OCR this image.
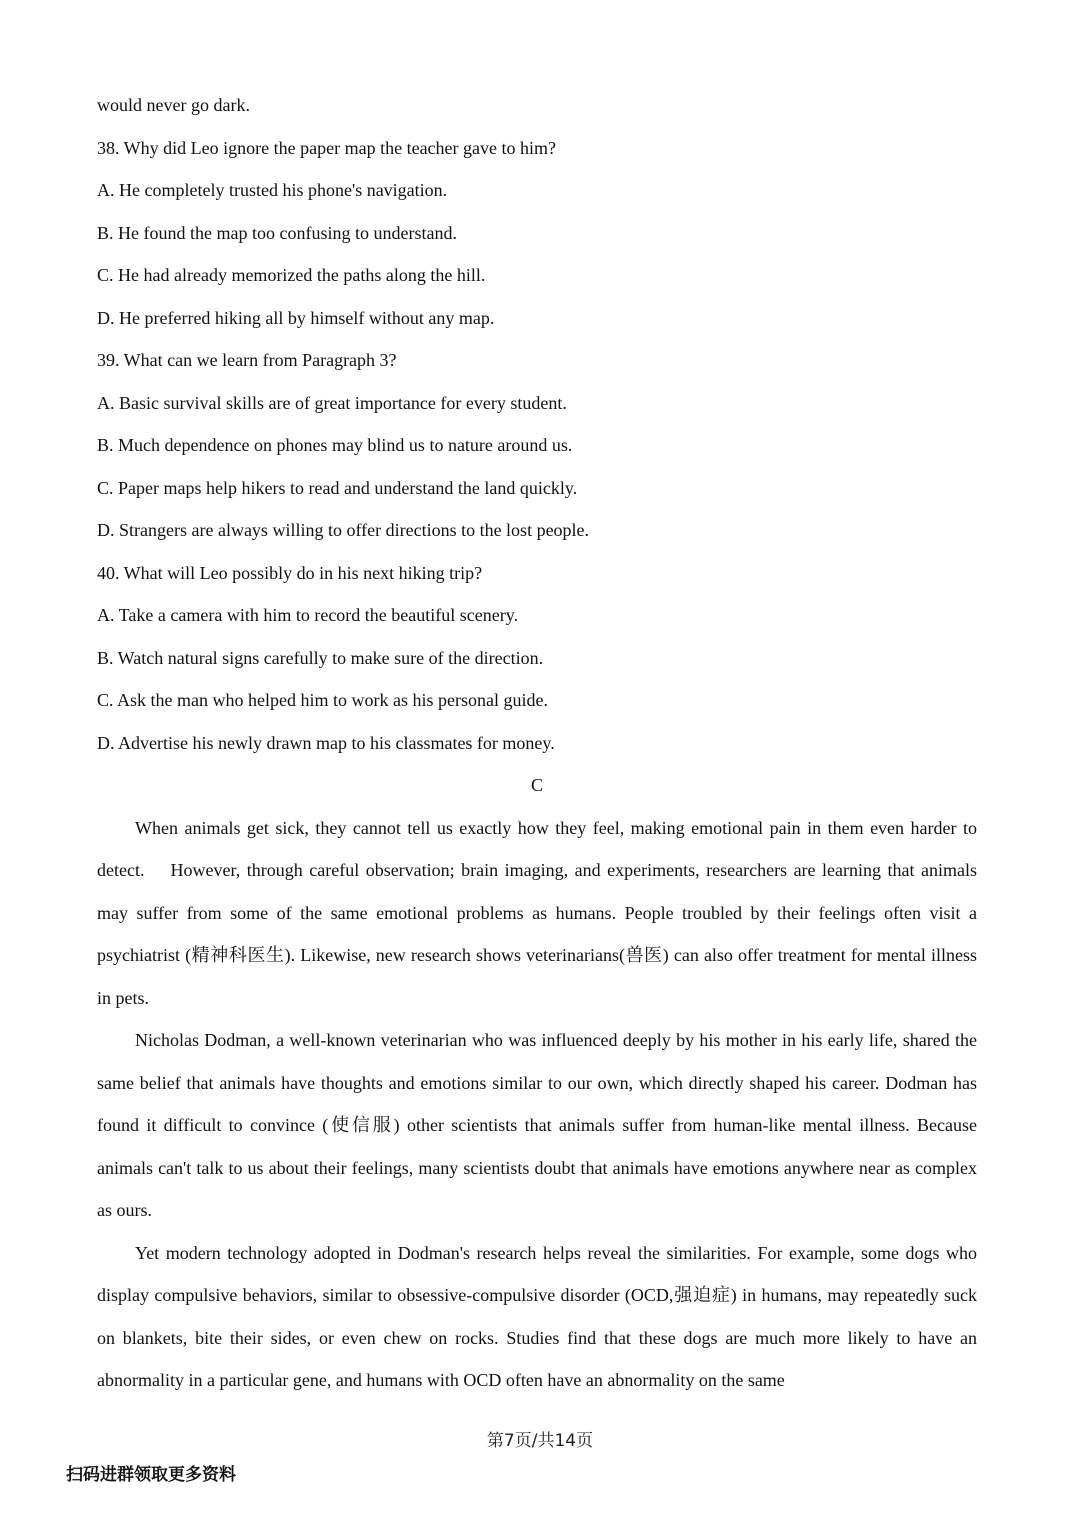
would never go dark.
38. Why did Leo ignore the paper map the teacher gave to him?
A. He completely trusted his phone's navigation.
B. He found the map too confusing to understand.
C. He had already memorized the paths along the hill.
D. He preferred hiking all by himself without any map.
39. What can we learn from Paragraph 3?
A. Basic survival skills are of great importance for every student.
B. Much dependence on phones may blind us to nature around us.
C. Paper maps help hikers to read and understand the land quickly.
D. Strangers are always willing to offer directions to the lost people.
40. What will Leo possibly do in his next hiking trip?
A. Take a camera with him to record the beautiful scenery.
B. Watch natural signs carefully to make sure of the direction.
C. Ask the man who helped him to work as his personal guide.
D. Advertise his newly drawn map to his classmates for money.
C

When animals get sick, they cannot tell us exactly how they feel, making emotional pain in them even harder to detect.    However, through careful observation; brain imaging, and experiments, researchers are learning that animals may suffer from some of the same emotional problems as humans. People troubled by their feelings often visit a psychiatrist (精神科医生). Likewise, new research shows veterinarians(兽医) can also offer treatment for mental illness in pets.

Nicholas Dodman, a well-known veterinarian who was influenced deeply by his mother in his early life, shared the same belief that animals have thoughts and emotions similar to our own, which directly shaped his career. Dodman has found it difficult to convince (使信服) other scientists that animals suffer from human-like mental illness. Because animals can't talk to us about their feelings, many scientists doubt that animals have emotions anywhere near as complex as ours.

Yet modern technology adopted in Dodman's research helps reveal the similarities. For example, some dogs who display compulsive behaviors, similar to obsessive-compulsive disorder (OCD,强迫症) in humans, may repeatedly suck on blankets, bite their sides, or even chew on rocks. Studies find that these dogs are much more likely to have an abnormality in a particular gene, and humans with OCD often have an abnormality on the same

第7页/共14页
扫码进群领取更多资料
